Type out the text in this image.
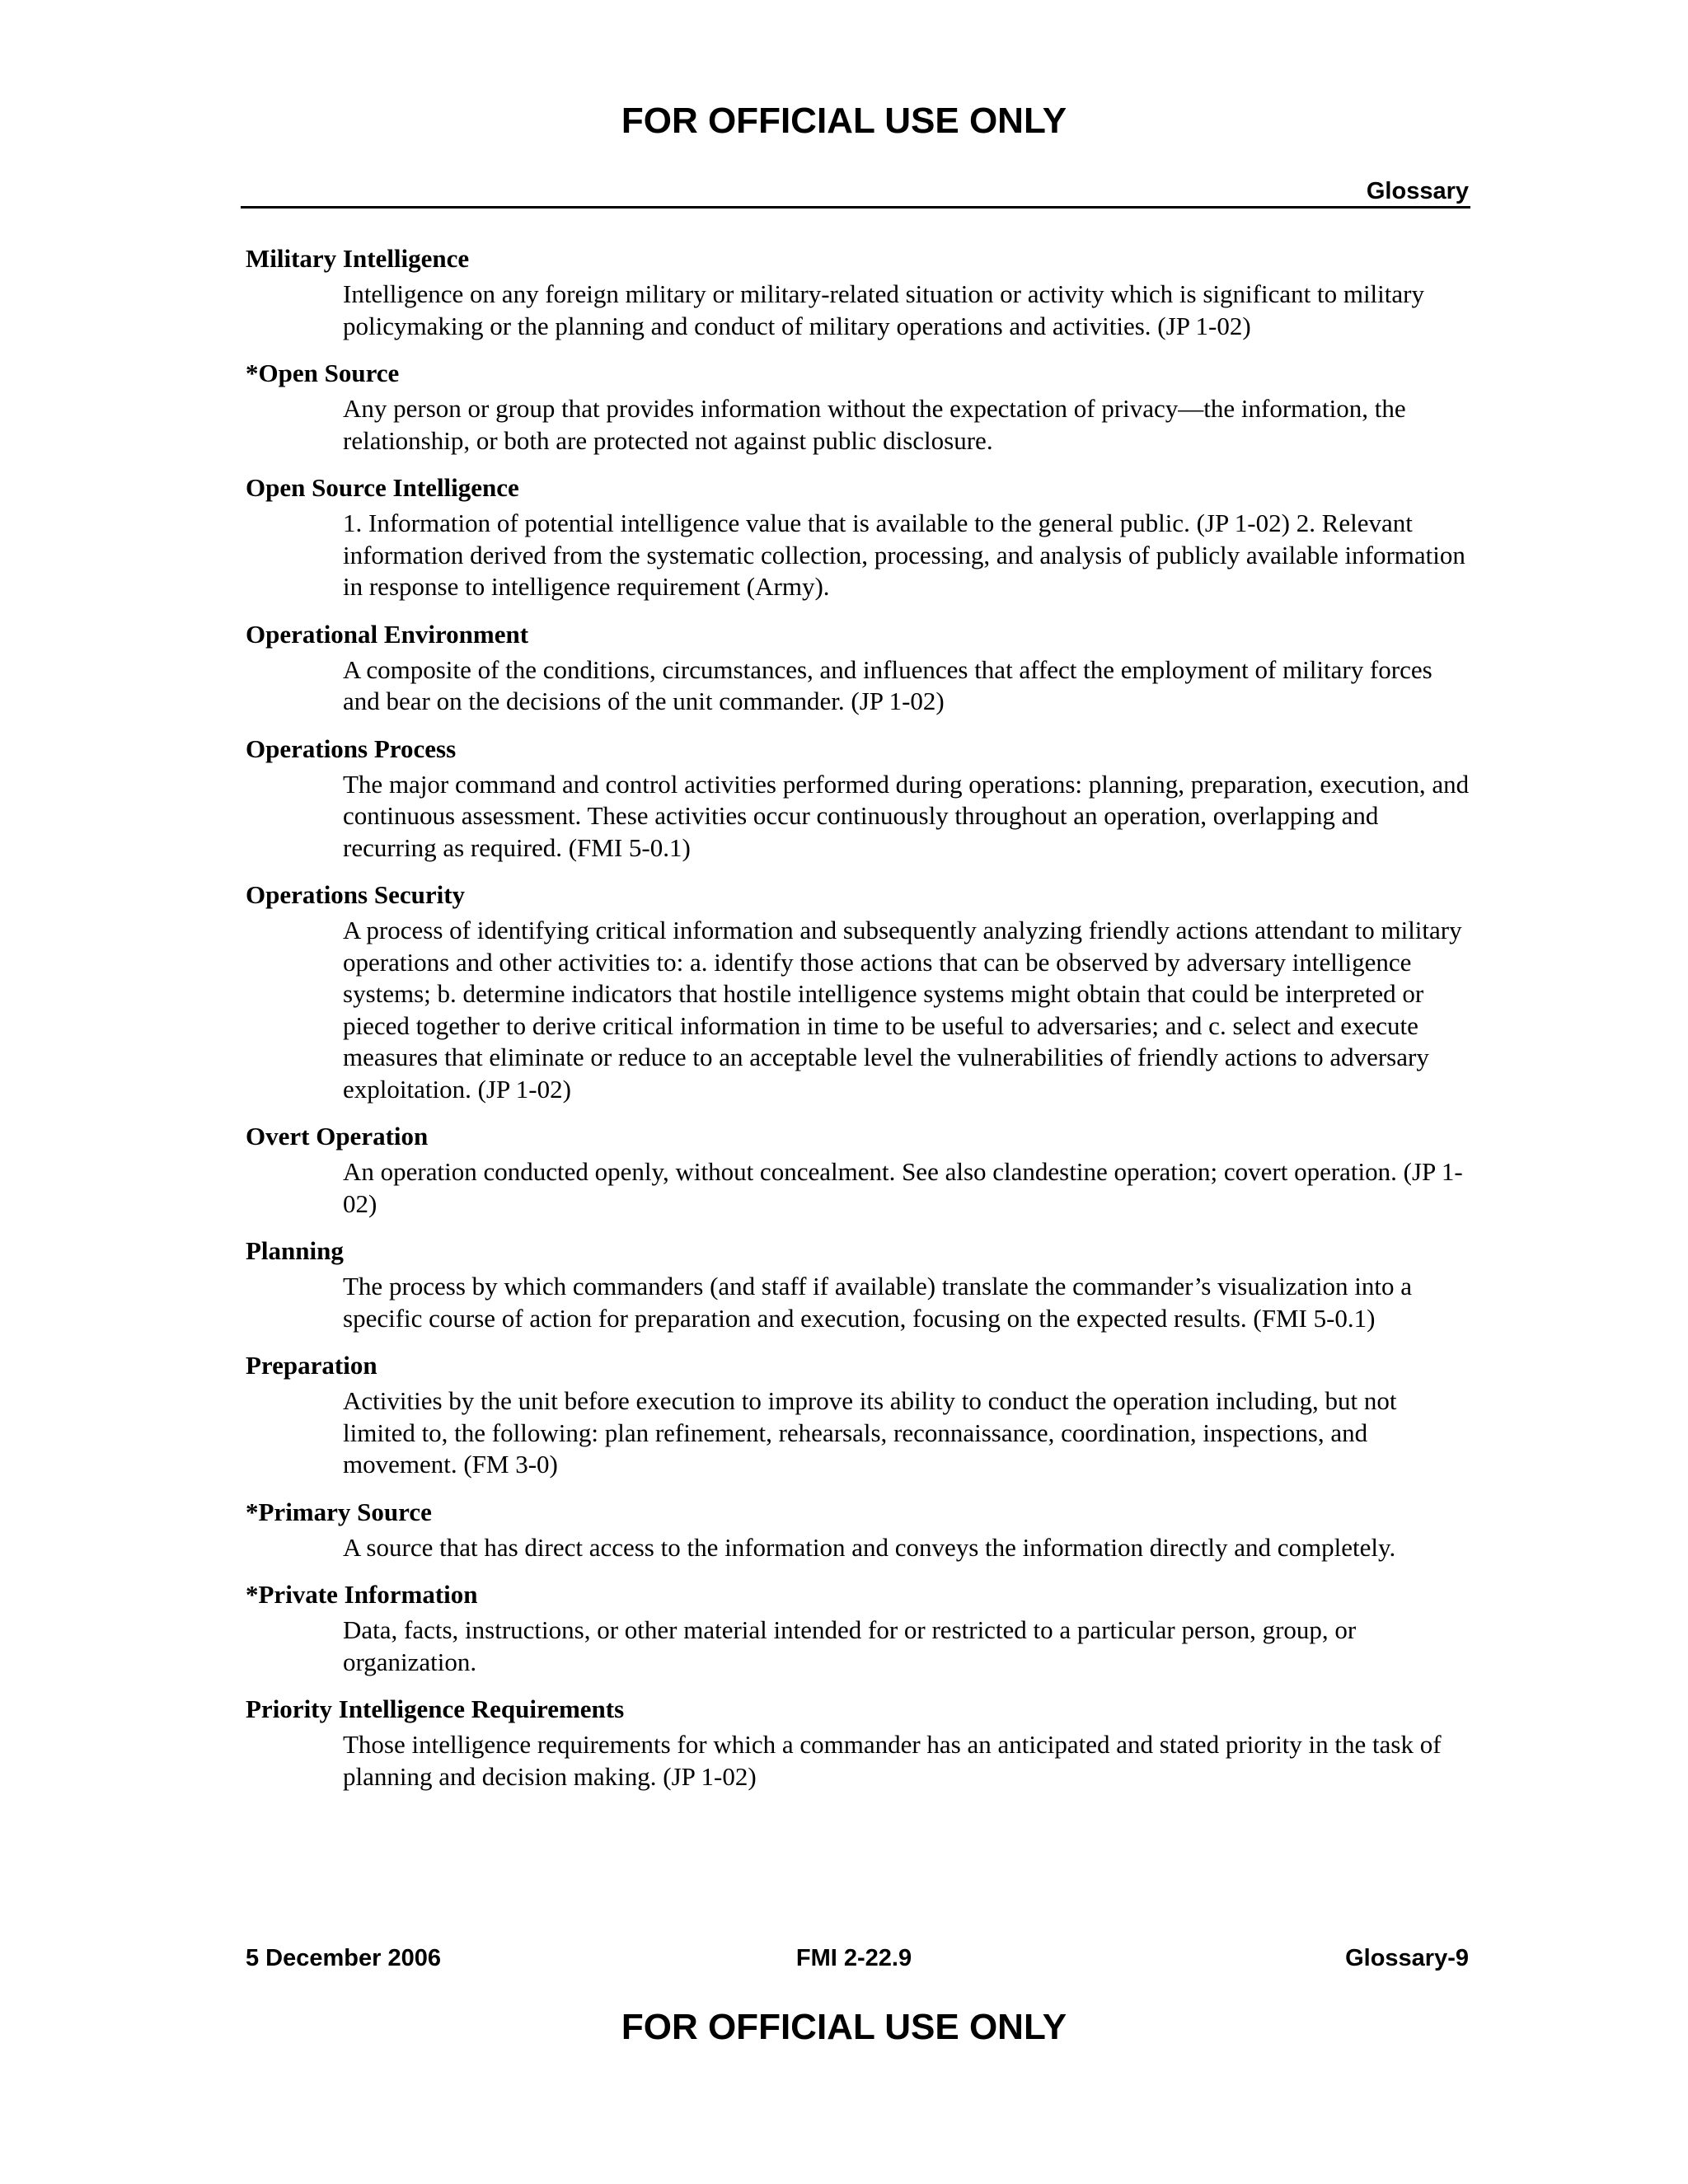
FOR OFFICIAL USE ONLY
Glossary
Military Intelligence
Intelligence on any foreign military or military-related situation or activity which is significant to military policymaking or the planning and conduct of military operations and activities. (JP 1-02)
*Open Source
Any person or group that provides information without the expectation of privacy—the information, the relationship, or both are protected not against public disclosure.
Open Source Intelligence
1. Information of potential intelligence value that is available to the general public. (JP 1-02) 2. Relevant information derived from the systematic collection, processing, and analysis of publicly available information in response to intelligence requirement (Army).
Operational Environment
A composite of the conditions, circumstances, and influences that affect the employment of military forces and bear on the decisions of the unit commander. (JP 1-02)
Operations Process
The major command and control activities performed during operations: planning, preparation, execution, and continuous assessment. These activities occur continuously throughout an operation, overlapping and recurring as required. (FMI 5-0.1)
Operations Security
A process of identifying critical information and subsequently analyzing friendly actions attendant to military operations and other activities to: a. identify those actions that can be observed by adversary intelligence systems; b. determine indicators that hostile intelligence systems might obtain that could be interpreted or pieced together to derive critical information in time to be useful to adversaries; and c. select and execute measures that eliminate or reduce to an acceptable level the vulnerabilities of friendly actions to adversary exploitation. (JP 1-02)
Overt Operation
An operation conducted openly, without concealment. See also clandestine operation; covert operation. (JP 1-02)
Planning
The process by which commanders (and staff if available) translate the commander’s visualization into a specific course of action for preparation and execution, focusing on the expected results. (FMI 5-0.1)
Preparation
Activities by the unit before execution to improve its ability to conduct the operation including, but not limited to, the following: plan refinement, rehearsals, reconnaissance, coordination, inspections, and movement. (FM 3-0)
*Primary Source
A source that has direct access to the information and conveys the information directly and completely.
*Private Information
Data, facts, instructions, or other material intended for or restricted to a particular person, group, or organization.
Priority Intelligence Requirements
Those intelligence requirements for which a commander has an anticipated and stated priority in the task of planning and decision making. (JP 1-02)
5 December 2006	FMI 2-22.9	Glossary-9
FOR OFFICIAL USE ONLY
